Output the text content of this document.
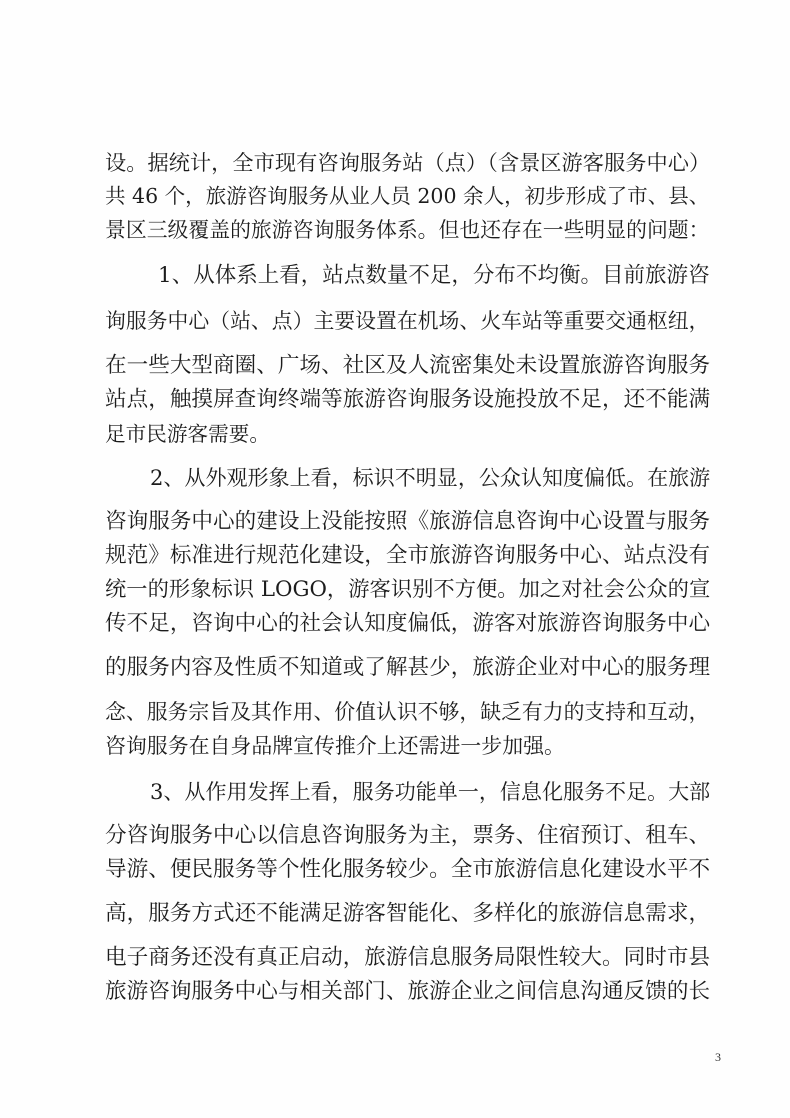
设。据统计，全市现有咨询服务站（点）（含景区游客服务中心）

共 46 个，旅游咨询服务从业人员 200 余人，初步形成了市、县、

景区三级覆盖的旅游咨询服务体系。但也还存在一些明显的问题：

1、从体系上看，站点数量不足，分布不均衡。目前旅游咨

询服务中心（站、点）主要设置在机场、火车站等重要交通枢纽，

在一些大型商圈、广场、社区及人流密集处未设置旅游咨询服务

站点，触摸屏查询终端等旅游咨询服务设施投放不足，还不能满

足市民游客需要。

2、从外观形象上看，标识不明显，公众认知度偏低。在旅游

咨询服务中心的建设上没能按照《旅游信息咨询中心设置与服务

规范》标准进行规范化建设，全市旅游咨询服务中心、站点没有

统一的形象标识 LOGO，游客识别不方便。加之对社会公众的宣

传不足，咨询中心的社会认知度偏低，游客对旅游咨询服务中心

的服务内容及性质不知道或了解甚少，旅游企业对中心的服务理

念、服务宗旨及其作用、价值认识不够，缺乏有力的支持和互动，

咨询服务在自身品牌宣传推介上还需进一步加强。

3、从作用发挥上看，服务功能单一，信息化服务不足。大部

分咨询服务中心以信息咨询服务为主，票务、住宿预订、租车、

导游、便民服务等个性化服务较少。全市旅游信息化建设水平不

高，服务方式还不能满足游客智能化、多样化的旅游信息需求，

电子商务还没有真正启动，旅游信息服务局限性较大。同时市县

旅游咨询服务中心与相关部门、旅游企业之间信息沟通反馈的长

3
